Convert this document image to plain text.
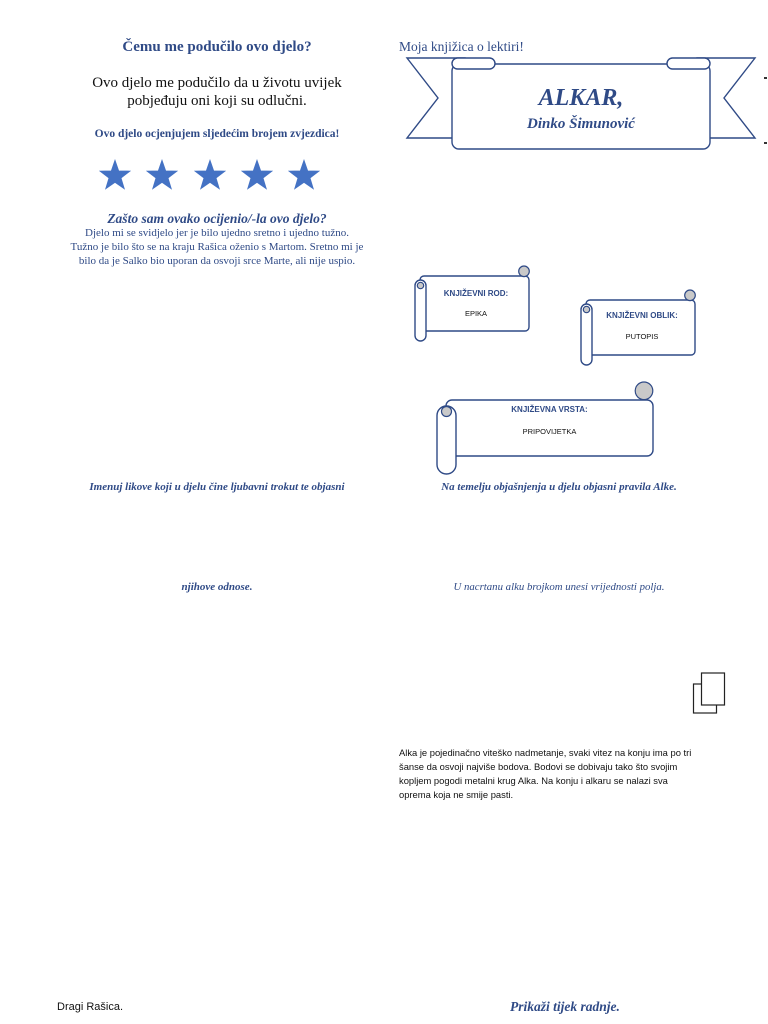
Čemu me podučilo ovo djelo?
Ovo djelo me podučilo da u životu uvijek
pobjeđuju oni koji su odlučni.
Ovo djelo ocjenjujem sljedećim brojem zvjezdica!
Zašto sam ovako ocijenio/-la ovo djelo?
Djelo mi se svidjelo jer je bilo ujedno sretno i ujedno tužno.
Tužno je bilo što se na kraju Rašica oženio s Martom. Sretno mi je
bilo da je Salko bio uporan da osvoji srce Marte, ali nije uspio.
Imenuj likove koji u djelu čine ljubavni trokut te objasni
njihove odnose.
Dragi Rašica.
Moja knjižica o lektiri!
ALKAR,
Dinko Šimunović
KNJIŽEVNI ROD:
EPIKA	KNJIŽEVNI OBLIK:
PUTOPIS
KNJIŽEVNA VRSTA:
PRIPOVIJETKA
Na temelju objašnjenja u djelu objasni pravila Alke.
U nacrtanu alku brojkom unesi vrijednosti polja.
Alka je pojedinačno viteško nadmetanje, svaki vitez na konju ima po tri
šanse da osvoji najviše bodova. Bodovi se dobivaju tako što svojim
kopljem pogodi metalni krug Alka. Na konju i alkaru se nalazi sva
oprema koja ne smije pasti.
Prikaži tijek radnje.
